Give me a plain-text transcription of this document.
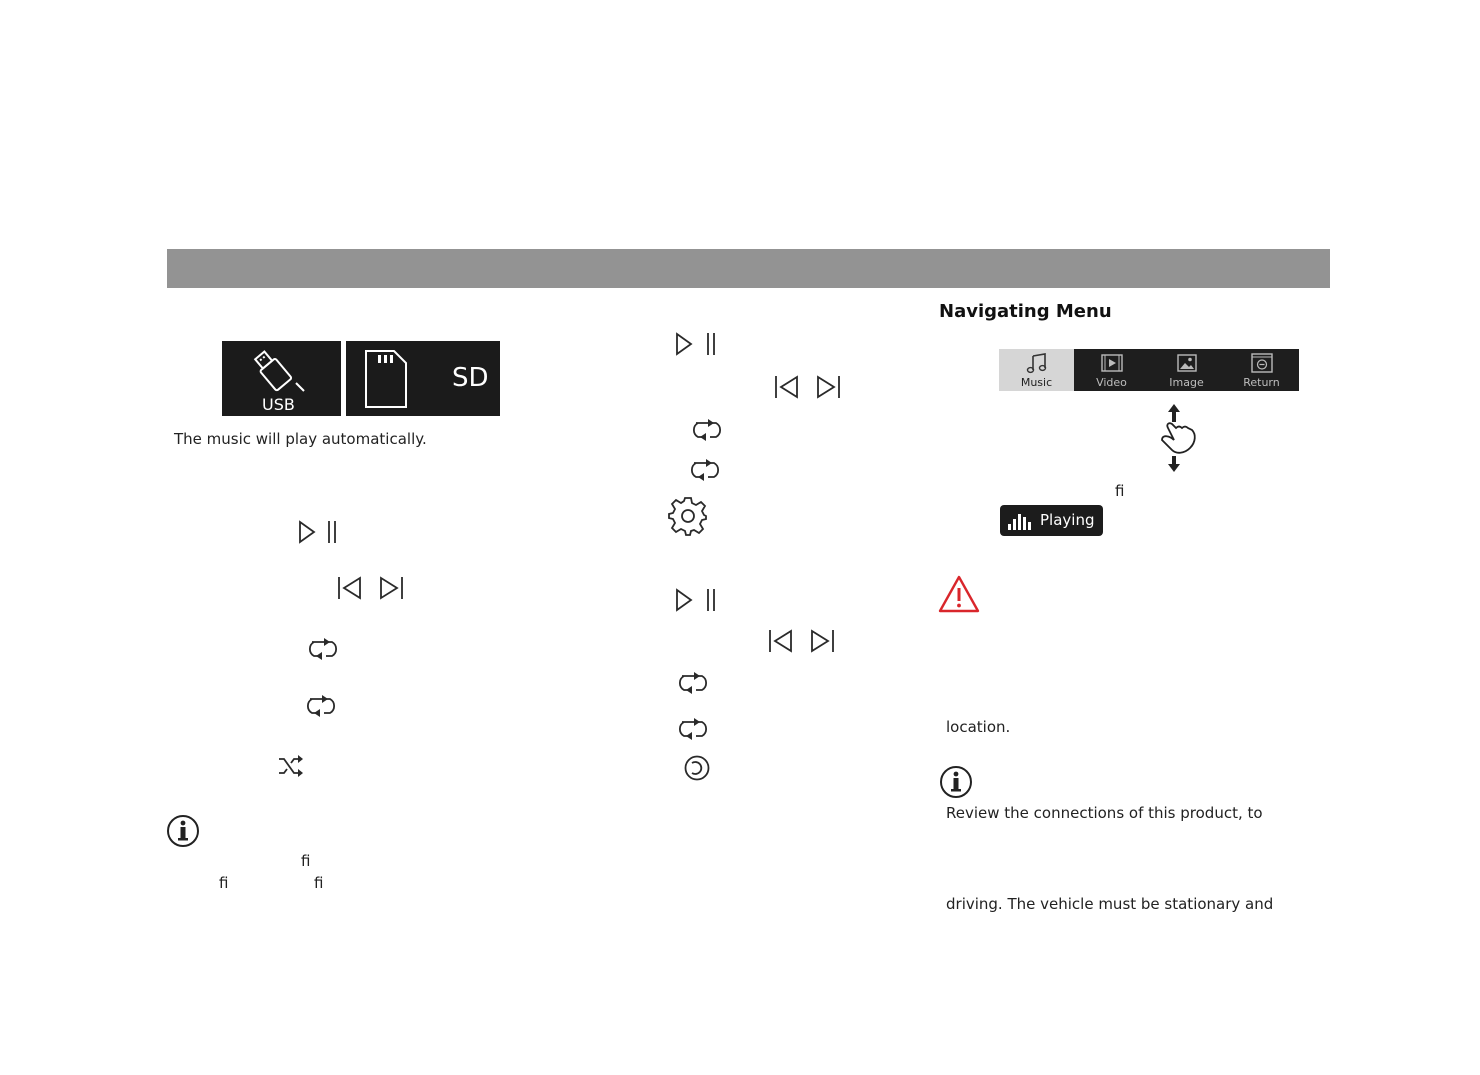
USB
SD
The music will play automatically.
ﬁ
ﬁ	ﬁ
Navigating Menu
Music	Video	Image	Return
ﬁ
Playing
location.
Review the connections of this product, to
driving. The vehicle must be stationary and
